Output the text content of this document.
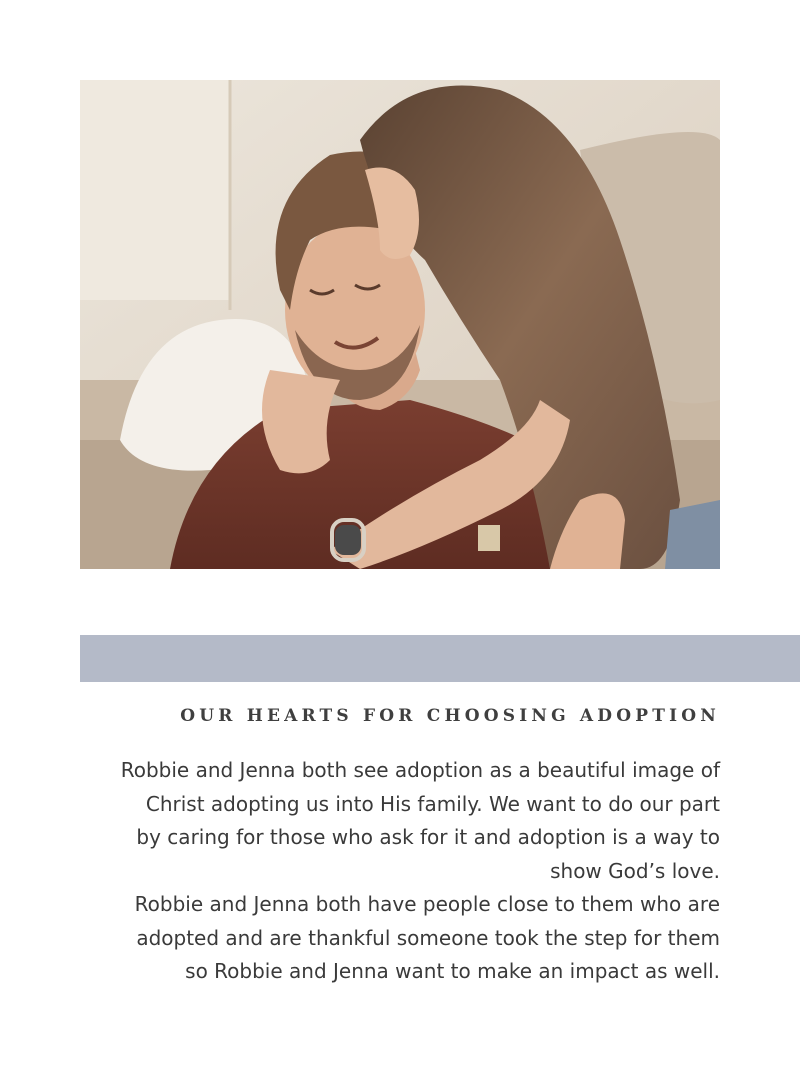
OUR HEARTS FOR CHOOSING ADOPTION

Robbie and Jenna both see adoption as a beautiful image of Christ adopting us into His family. We want to do our part by caring for those who ask for it and adoption is a way to show God’s love.

Robbie and Jenna both have people close to them who are adopted and are thankful someone took the step for them so Robbie and Jenna want to make an impact as well.
